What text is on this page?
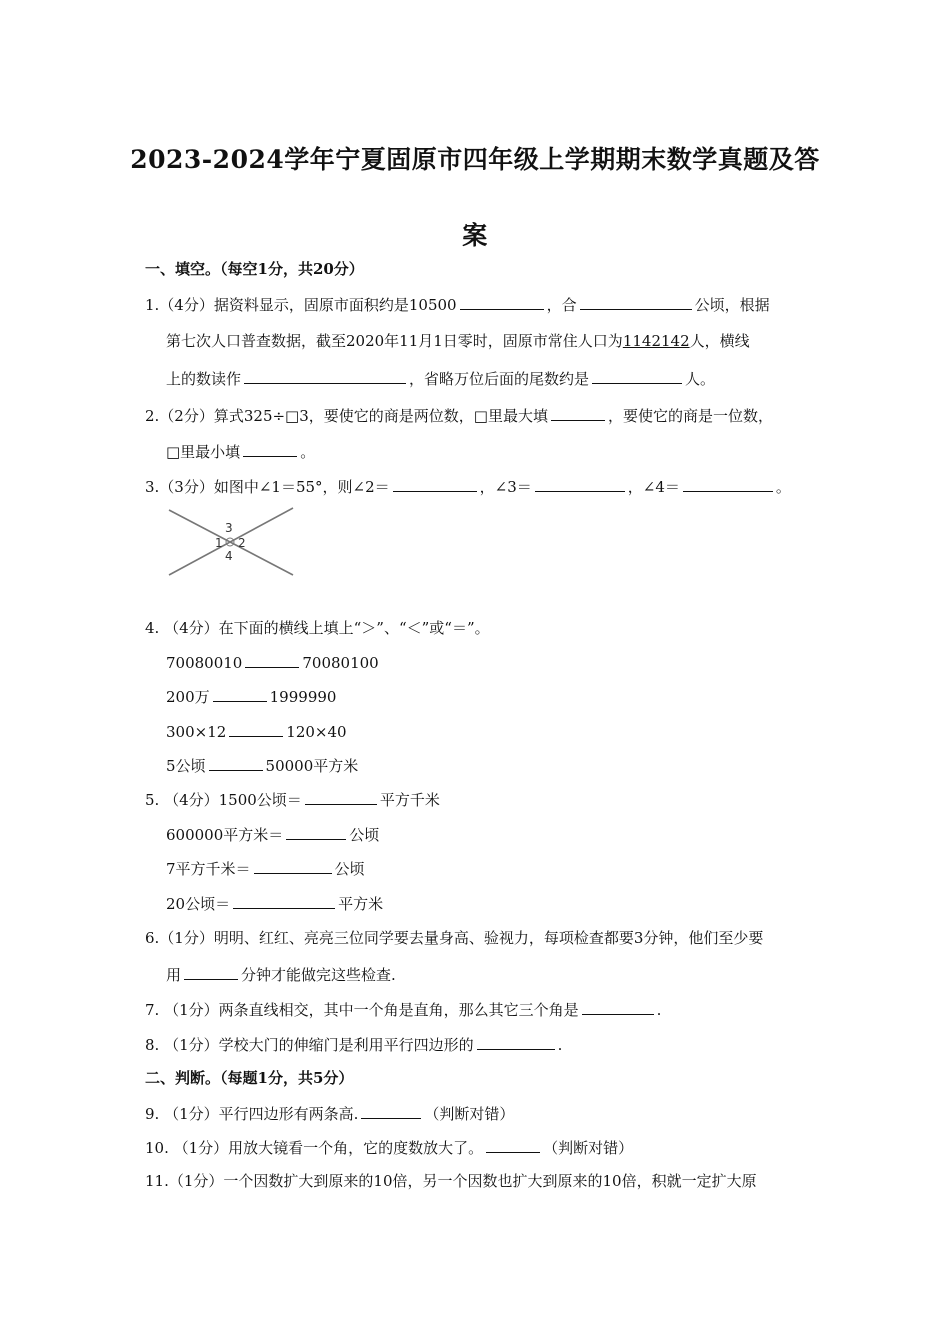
2023-2024学年宁夏固原市四年级上学期期末数学真题及答案
一、填空。（每空1分，共20分）
1.（4分）据资料显示，固原市面积约是10500	，合	公顷，根据
第七次人口普查数据，截至2020年11月1日零时，固原市常住人口为1142142人，横线
上的数读作	，省略万位后面的尾数约是	人。
2.（2分）算式325÷□3，要使它的商是两位数，□里最大填	，要使它的商是一位数，
□里最小填	。
3.（3分）如图中∠1＝55°，则∠2＝	，∠3＝	，∠4＝	。
3
1 2
4
4. （4分）在下面的横线上填上“＞”、“＜”或“＝”。
70080010	70080100
200万	1999990
300×12	120×40
5公顷	50000平方米
5. （4分）1500公顷＝	平方千米
600000平方米＝	公顷
7平方千米＝	公顷
20公顷＝	平方米
6.（1分）明明、红红、亮亮三位同学要去量身高、验视力，每项检查都要3分钟，他们至少要
用	分钟才能做完这些检查.
7. （1分）两条直线相交，其中一个角是直角，那么其它三个角是	.
8. （1分）学校大门的伸缩门是利用平行四边形的	.
二、判断。（每题1分，共5分）
9. （1分）平行四边形有两条高.	（判断对错）
10. （1分）用放大镜看一个角，它的度数放大了。	（判断对错）
11.（1分）一个因数扩大到原来的10倍，另一个因数也扩大到原来的10倍，积就一定扩大原
